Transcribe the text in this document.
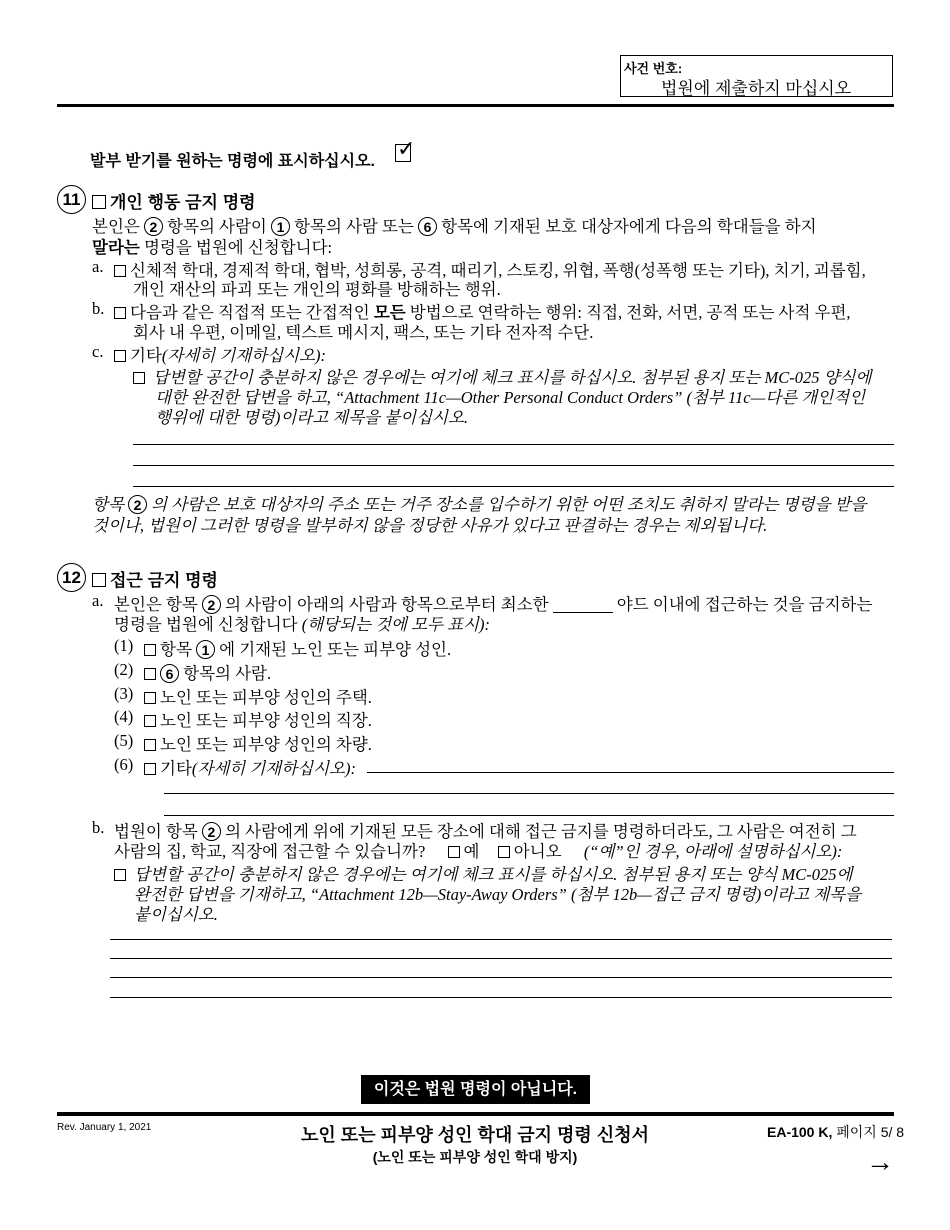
사건 번호:
법원에 제출하지 마십시오
발부 받기를 원하는 명령에 표시하십시오.
✓
11	개인 행동 금지 명령
본인은 2 항목의 사람이 1 항목의 사람 또는 6 항목에 기재된 보호 대상자에게 다음의 학대들을 하지
말라는 명령을 법원에 신청합니다:
a.	신체적 학대, 경제적 학대, 협박, 성희롱, 공격, 때리기, 스토킹, 위협, 폭행(성폭행 또는 기타), 치기, 괴롭힘,
개인 재산의 파괴 또는 개인의 평화를 방해하는 행위.
b.	다음과 같은 직접적 또는 간접적인 모든 방법으로 연락하는 행위: 직접, 전화, 서면, 공적 또는 사적 우편,
회사 내 우편, 이메일, 텍스트 메시지, 팩스, 또는 기타 전자적 수단.
c.	기타(자세히 기재하십시오):
답변할 공간이 충분하지 않은 경우에는 여기에 체크 표시를 하십시오. 첨부된 용지 또는 MC-025 양식에
대한 완전한 답변을 하고, “Attachment 11c—Other Personal Conduct Orders” (첨부 11c—다른 개인적인
행위에 대한 명령)이라고 제목을 붙이십시오.
항목 2 의 사람은 보호 대상자의 주소 또는 거주 장소를 입수하기 위한 어떤 조치도 취하지 말라는 명령을 받을
것이나, 법원이 그러한 명령을 발부하지 않을 정당한 사유가 있다고 판결하는 경우는 제외됩니다.
12	접근 금지 명령
a. 본인은 항목 2 의 사람이 아래의 사람과 항목으로부터 최소한	야드 이내에 접근하는 것을 금지하는
명령을 법원에 신청합니다 (해당되는 것에 모두 표시):
(1)	항목 1 에 기재된 노인 또는 피부양 성인.
(2)	6 항목의 사람.
(3)	노인 또는 피부양 성인의 주택.
(4)	노인 또는 피부양 성인의 직장.
(5)	노인 또는 피부양 성인의 차량.
(6)	기타(자세히 기재하십시오):
b. 법원이 항목 2 의 사람에게 위에 기재된 모든 장소에 대해 접근 금지를 명령하더라도, 그 사람은 여전히 그
사람의 집, 학교, 직장에 접근할 수 있습니까? 예 아니오 (“예”인 경우, 아래에 설명하십시오):
답변할 공간이 충분하지 않은 경우에는 여기에 체크 표시를 하십시오. 첨부된 용지 또는 양식 MC-025에
완전한 답변을 기재하고, “Attachment 12b—Stay-Away Orders” (첨부 12b—접근 금지 명령)이라고 제목을
붙이십시오.
이것은 법원 명령이 아닙니다.
Rev. January 1, 2021	노인 또는 피부양 성인 학대 금지 명령 신청서
(노인 또는 피부양 성인 학대 방지)
EA-100 K, 페이지 5/ 8
→
